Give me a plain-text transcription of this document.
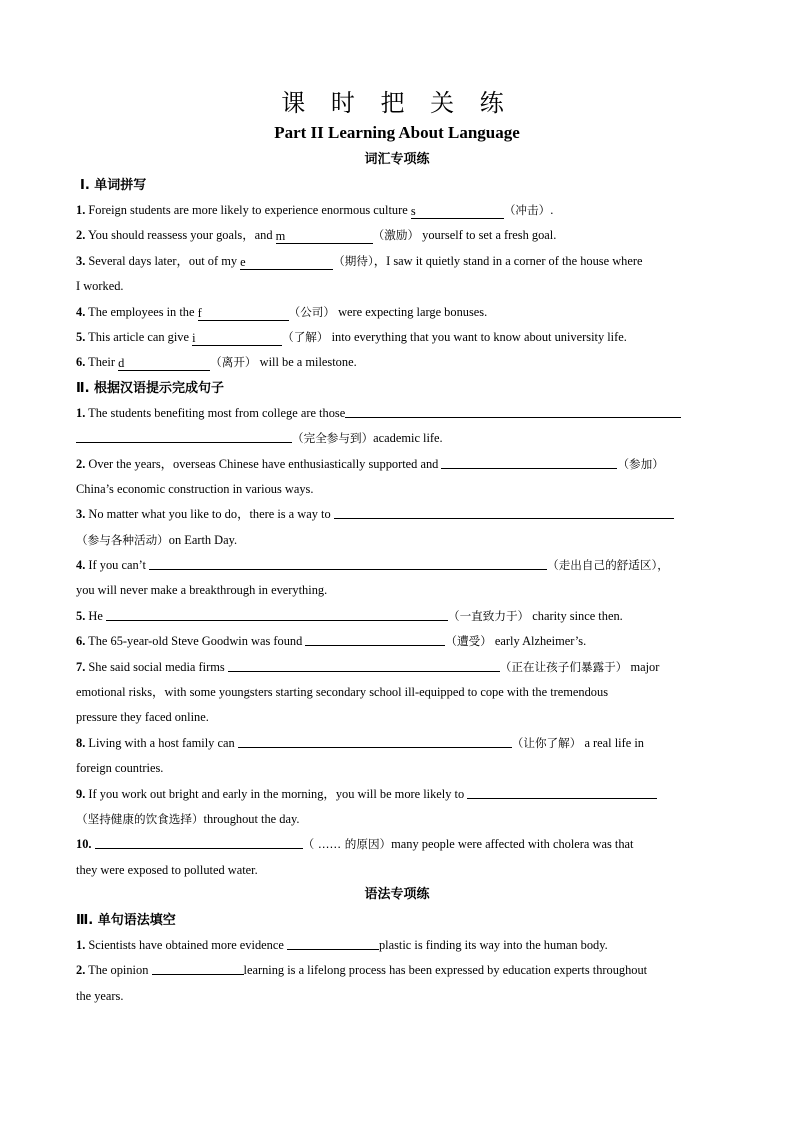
课 时 把 关 练
Part II Learning About Language
词汇专项练
Ⅰ. 单词拼写
1. Foreign students are more likely to experience enormous culture s	（冲击）.
2. You should reassess your goals，and m	（激励） yourself to set a fresh goal.
3. Several days later，out of my e	（期待），I saw it quietly stand in a corner of the house where
I worked.
4. The employees in the f	（公司） were expecting large bonuses.
5. This article can give i	（了解） into everything that you want to know about university life.
6. Their d	（离开） will be a milestone.
Ⅱ. 根据汉语提示完成句子
1. The students benefiting most from college are those
（完全参与到）academic life.
2. Over the years，overseas Chinese have enthusiastically supported and	（参加）
China’s economic construction in various ways.
3. No matter what you like to do，there is a way to
（参与各种活动）on Earth Day.
4. If you can’t	（走出自己的舒适区），
you will never make a breakthrough in everything.
5. He	（一直致力于） charity since then.
6. The 65-year-old Steve Goodwin was found	（遭受） early Alzheimer’s.
7. She said social media firms	（正在让孩子们暴露于） major
emotional risks，with some youngsters starting secondary school ill-equipped to cope with the tremendous
pressure they faced online.
8. Living with a host family can	（让你了解） a real life in
foreign countries.
9. If you work out bright and early in the morning，you will be more likely to
（坚持健康的饮食选择）throughout the day.
10.	（ …… 的原因）many people were affected with cholera was that
they were exposed to polluted water.
语法专项练
Ⅲ. 单句语法填空
1. Scientists have obtained more evidence	plastic is finding its way into the human body.
2. The opinion	learning is a lifelong process has been expressed by education experts throughout
the years.
